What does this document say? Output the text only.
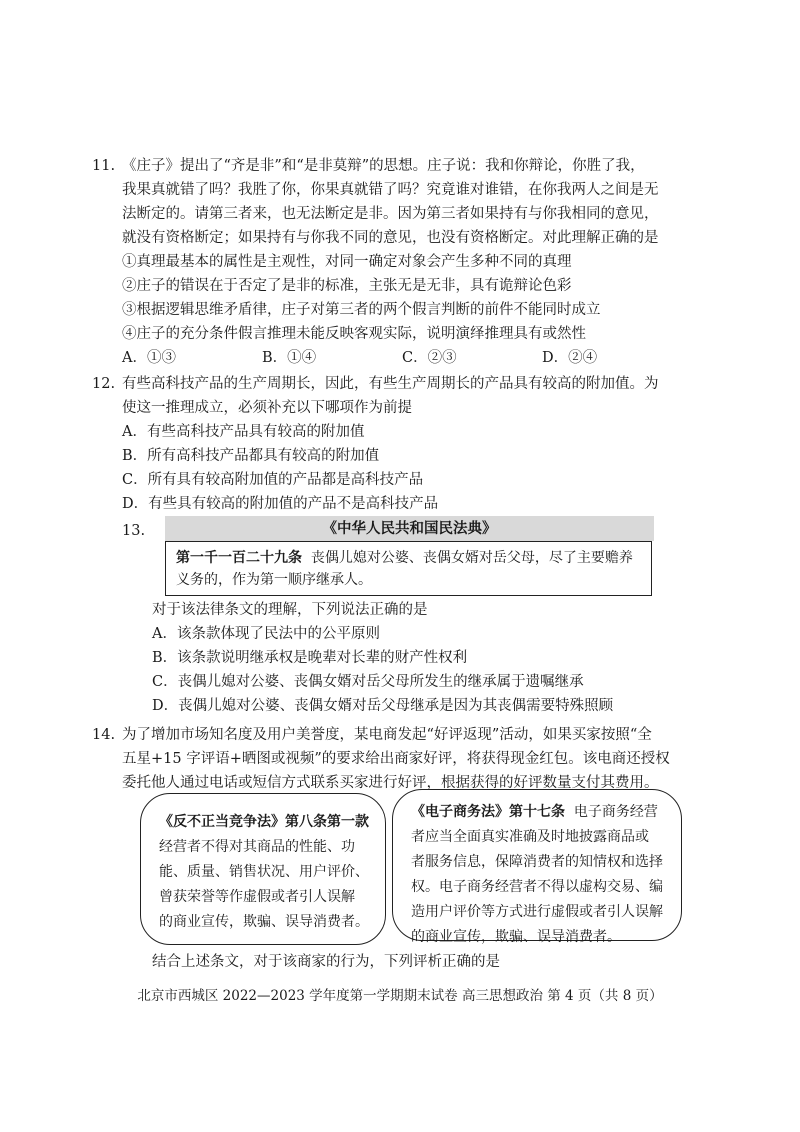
11. 《庄子》提出了“齐是非”和“是非莫辩”的思想。庄子说：我和你辩论，你胜了我，
我果真就错了吗？我胜了你，你果真就错了吗？究竟谁对谁错，在你我两人之间是无
法断定的。请第三者来，也无法断定是非。因为第三者如果持有与你我相同的意见，
就没有资格断定；如果持有与你我不同的意见，也没有资格断定。对此理解正确的是
①真理最基本的属性是主观性，对同一确定对象会产生多种不同的真理
②庄子的错误在于否定了是非的标准，主张无是无非，具有诡辩论色彩
③根据逻辑思维矛盾律，庄子对第三者的两个假言判断的前件不能同时成立
④庄子的充分条件假言推理未能反映客观实际，说明演绎推理具有或然性
A．①③	B．①④	C．②③	D．②④
12. 有些高科技产品的生产周期长，因此，有些生产周期长的产品具有较高的附加值。为
使这一推理成立，必须补充以下哪项作为前提
A．有些高科技产品具有较高的附加值
B．所有高科技产品都具有较高的附加值
C．所有具有较高附加值的产品都是高科技产品
D．有些具有较高的附加值的产品不是高科技产品
13.	《中华人民共和国民法典》
第一千一百二十九条 丧偶儿媳对公婆、丧偶女婿对岳父母，尽了主要赡养
义务的，作为第一顺序继承人。
对于该法律条文的理解，下列说法正确的是
A．该条款体现了民法中的公平原则
B．该条款说明继承权是晚辈对长辈的财产性权利
C．丧偶儿媳对公婆、丧偶女婿对岳父母所发生的继承属于遗嘱继承
D．丧偶儿媳对公婆、丧偶女婿对岳父母继承是因为其丧偶需要特殊照顾
14. 为了增加市场知名度及用户美誉度，某电商发起“好评返现”活动，如果买家按照“全
五星+15 字评语+晒图或视频”的要求给出商家好评，将获得现金红包。该电商还授权
委托他人通过电话或短信方式联系买家进行好评，根据获得的好评数量支付其费用。
《反不正当竞争法》第八条第一款
经营者不得对其商品的性能、功
能、质量、销售状况、用户评价、
曾获荣誉等作虚假或者引人误解
的商业宣传，欺骗、误导消费者。
《电子商务法》第十七条 电子商务经营
者应当全面真实准确及时地披露商品或
者服务信息，保障消费者的知情权和选择
权。电子商务经营者不得以虚构交易、编
造用户评价等方式进行虚假或者引人误解
的商业宣传，欺骗、误导消费者。
结合上述条文，对于该商家的行为，下列评析正确的是
北京市西城区 2022—2023 学年度第一学期期末试卷 高三思想政治 第 4 页（共 8 页）
